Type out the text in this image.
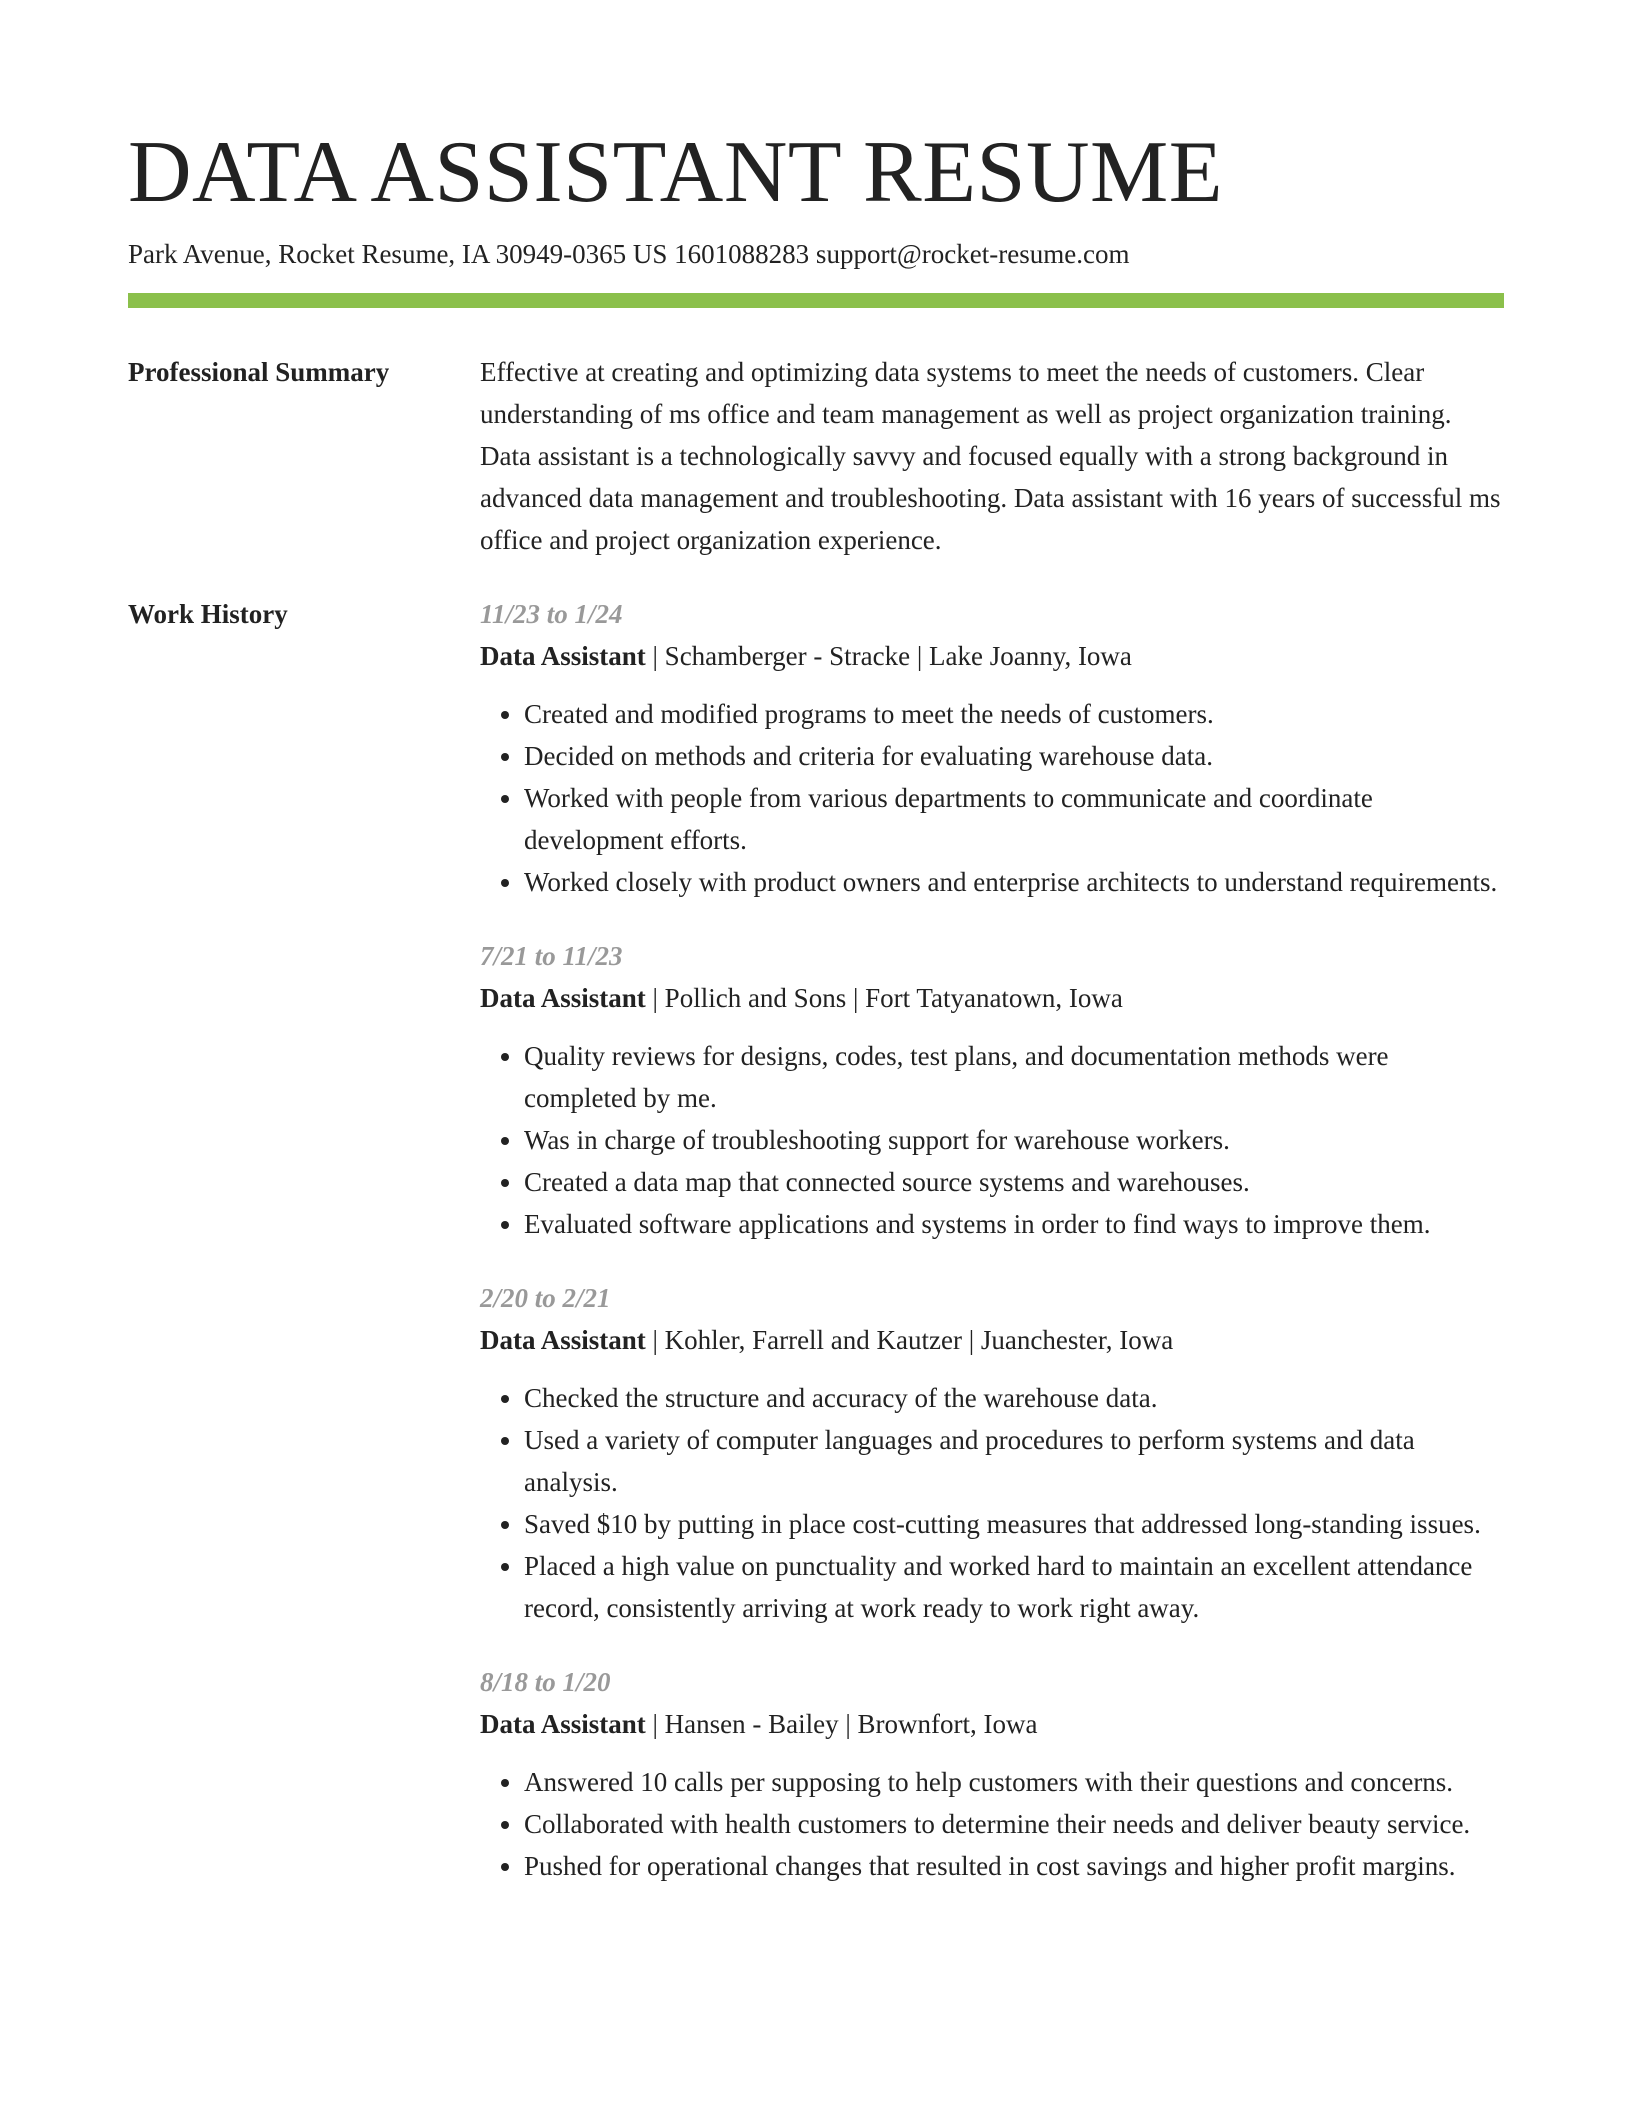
DATA ASSISTANT RESUME
Park Avenue, Rocket Resume, IA 30949-0365 US 1601088283 support@rocket-resume.com
Professional Summary	Effective at creating and optimizing data systems to meet the needs of customers. Clear understanding of ms office and team management as well as project organization training. Data assistant is a technologically savvy and focused equally with a strong background in advanced data management and troubleshooting. Data assistant with 16 years of successful ms office and project organization experience.

Work History	11/23 to 1/24
Data Assistant | Schamberger - Stracke | Lake Joanny, Iowa
• Created and modified programs to meet the needs of customers.
• Decided on methods and criteria for evaluating warehouse data.
• Worked with people from various departments to communicate and coordinate development efforts.
• Worked closely with product owners and enterprise architects to understand requirements.
7/21 to 11/23
Data Assistant | Pollich and Sons | Fort Tatyanatown, Iowa
• Quality reviews for designs, codes, test plans, and documentation methods were completed by me.
• Was in charge of troubleshooting support for warehouse workers.
• Created a data map that connected source systems and warehouses.
• Evaluated software applications and systems in order to find ways to improve them.
2/20 to 2/21
Data Assistant | Kohler, Farrell and Kautzer | Juanchester, Iowa
• Checked the structure and accuracy of the warehouse data.
• Used a variety of computer languages and procedures to perform systems and data analysis.
• Saved $10 by putting in place cost-cutting measures that addressed long-standing issues.
• Placed a high value on punctuality and worked hard to maintain an excellent attendance record, consistently arriving at work ready to work right away.
8/18 to 1/20
Data Assistant | Hansen - Bailey | Brownfort, Iowa
• Answered 10 calls per supposing to help customers with their questions and concerns.
• Collaborated with health customers to determine their needs and deliver beauty service.
• Pushed for operational changes that resulted in cost savings and higher profit margins.
